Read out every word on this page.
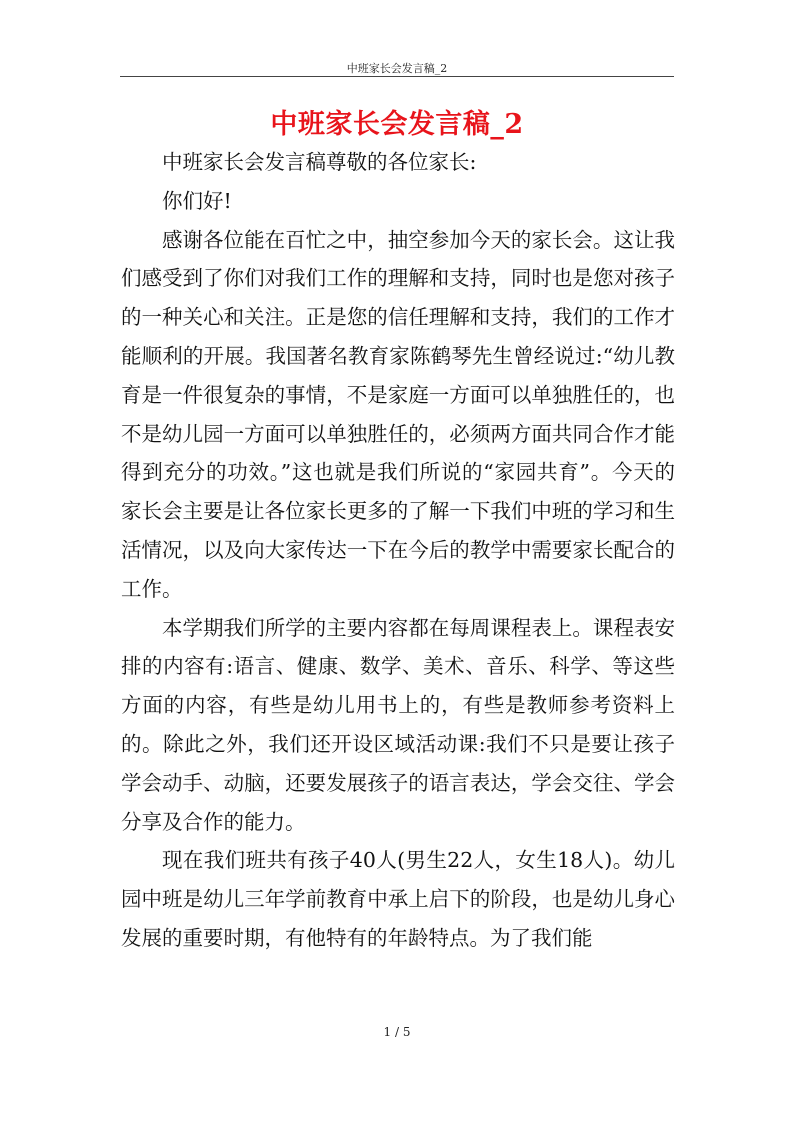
中班家长会发言稿_2
中班家长会发言稿_2

中班家长会发言稿尊敬的各位家长:

你们好!

感谢各位能在百忙之中，抽空参加今天的家长会。这让我们感受到了你们对我们工作的理解和支持，同时也是您对孩子的一种关心和关注。正是您的信任理解和支持，我们的工作才能顺利的开展。我国著名教育家陈鹤琴先生曾经说过:“幼儿教育是一件很复杂的事情，不是家庭一方面可以单独胜任的，也不是幼儿园一方面可以单独胜任的，必须两方面共同合作才能得到充分的功效。”这也就是我们所说的“家园共育”。今天的家长会主要是让各位家长更多的了解一下我们中班的学习和生活情况，以及向大家传达一下在今后的教学中需要家长配合的工作。

本学期我们所学的主要内容都在每周课程表上。课程表安排的内容有:语言、健康、数学、美术、音乐、科学、等这些方面的内容，有些是幼儿用书上的，有些是教师参考资料上的。除此之外，我们还开设区域活动课:我们不只是要让孩子学会动手、动脑，还要发展孩子的语言表达，学会交往、学会分享及合作的能力。

现在我们班共有孩子40人(男生22人，女生18人)。幼儿园中班是幼儿三年学前教育中承上启下的阶段，也是幼儿身心发展的重要时期，有他特有的年龄特点。为了我们能

1 / 5
